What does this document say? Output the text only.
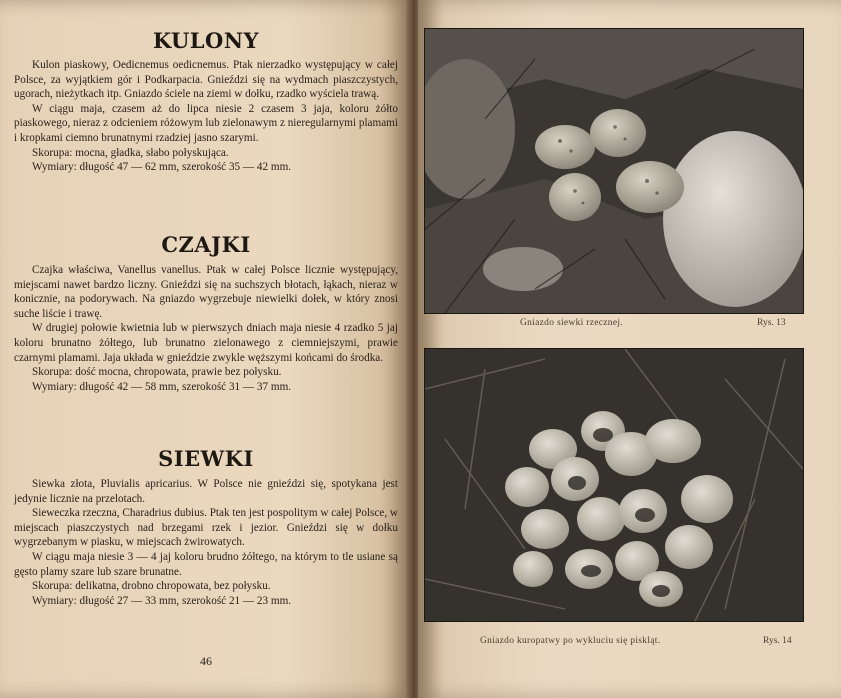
KULONY

Kulon piaskowy, Oedicnemus oedicnemus. Ptak nierzadko występujący w całej Polsce, za wyjątkiem gór i Podkarpacia. Gnieździ się na wydmach piaszczystych, ugorach, nieżytkach itp. Gniazdo ściele na ziemi w dołku, rzadko wyściela trawą.

W ciągu maja, czasem aż do lipca niesie 2 czasem 3 jaja, koloru żółto piaskowego, nieraz z odcieniem różowym lub zielonawym z nieregularnymi plamami i kropkami ciemno brunatnymi rzadziej jasno szarymi.

Skorupa: mocna, gładka, słabo połyskująca.

Wymiary: długość 47 — 62 mm, szerokość 35 — 42 mm.

CZAJKI

Czajka właściwa, Vanellus vanellus. Ptak w całej Polsce licznie występujący, miejscami nawet bardzo liczny. Gnieździ się na suchszych błotach, łąkach, nieraz w konicznie, na podorywach. Na gniazdo wygrzebuje niewielki dołek, w który znosi suche liście i trawę.

W drugiej połowie kwietnia lub w pierwszych dniach maja niesie 4 rzadko 5 jaj koloru brunatno żółtego, lub brunatno zielonawego z ciemniejszymi, prawie czarnymi plamami. Jaja układa w gnieździe zwykle węższymi końcami do środka.

Skorupa: dość mocna, chropowata, prawie bez połysku.

Wymiary: długość 42 — 58 mm, szerokość 31 — 37 mm.

SIEWKI

Siewka złota, Pluvialis apricarius. W Polsce nie gnieździ się, spotykana jest jedynie licznie na przelotach.

Sieweczka rzeczna, Charadrius dubius. Ptak ten jest pospolitym w całej Polsce, w miejscach piaszczystych nad brzegami rzek i jezior. Gnieździ się w dołku wygrzebanym w piasku, w miejscach żwirowatych.

W ciągu maja niesie 3 — 4 jaj koloru brudno żółtego, na którym to tle usiane są gęsto plamy szare lub szare brunatne.

Skorupa: delikatna, drobno chropowata, bez połysku.

Wymiary: długość 27 — 33 mm, szerokość 21 — 23 mm.

46
Gniazdo siewki rzecznej.	Rys. 13
Gniazdo kuropatwy po wykluciu się piskląt.	Rys. 14
